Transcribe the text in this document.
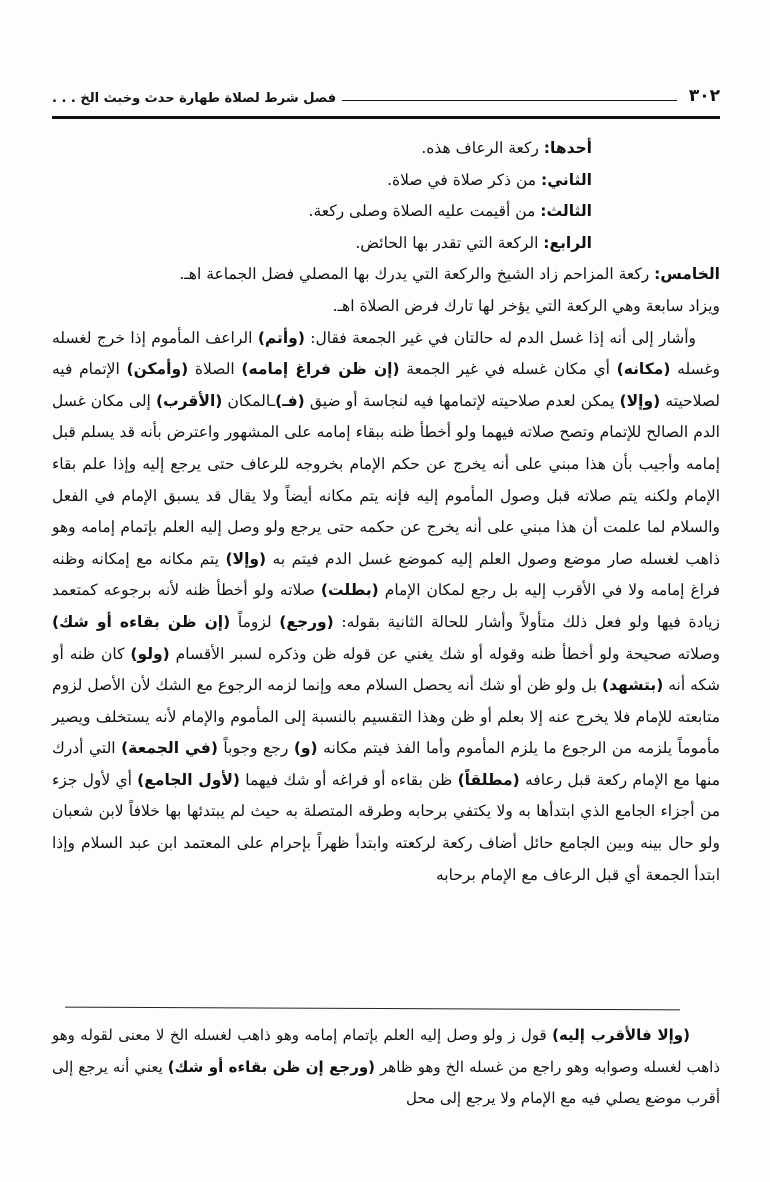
٣٠٢
فصل شرط لصلاة طهارة حدث وخبث الخ . . .

أحدها: ركعة الرعاف هذه.

الثاني: من ذكر صلاة في صلاة.

الثالث: من أقيمت عليه الصلاة وصلى ركعة.

الرابع: الركعة التي تقدر بها الحائض.

الخامس: ركعة المزاحم زاد الشيخ والركعة التي يدرك بها المصلي فضل الجماعة اهـ.

ويزاد سابعة وهي الركعة التي يؤخر لها تارك فرض الصلاة اهـ.

وأشار إلى أنه إذا غسل الدم له حالتان في غير الجمعة فقال: (وأتم) الراعف المأموم إذا خرج لغسله وغسله (مكانه) أي مكان غسله في غير الجمعة (إن ظن فراغ إمامه) الصلاة (وأمكن) الإتمام فيه لصلاحيته (وإلا) يمكن لعدم صلاحيته لإتمامها فيه لنجاسة أو ضيق (فـ)ـالمكان (الأقرب) إلى مكان غسل الدم الصالح للإتمام وتصح صلاته فيهما ولو أخطأ ظنه ببقاء إمامه على المشهور واعترض بأنه قد يسلم قبل إمامه وأجيب بأن هذا مبني على أنه يخرج عن حكم الإمام بخروجه للرعاف حتى يرجع إليه وإذا علم بقاء الإمام ولكنه يتم صلاته قبل وصول المأموم إليه فإنه يتم مكانه أيضاً ولا يقال قد يسبق الإمام في الفعل والسلام لما علمت أن هذا مبني على أنه يخرج عن حكمه حتى يرجع ولو وصل إليه العلم بإتمام إمامه وهو ذاهب لغسله صار موضع وصول العلم إليه كموضع غسل الدم فيتم به (وإلا) يتم مكانه مع إمكانه وظنه فراغ إمامه ولا في الأقرب إليه بل رجع لمكان الإمام (بطلت) صلاته ولو أخطأ ظنه لأنه برجوعه كمتعمد زيادة فيها ولو فعل ذلك متأولاً وأشار للحالة الثانية بقوله: (ورجع) لزوماً (إن ظن بقاءه أو شك) وصلاته صحيحة ولو أخطأ ظنه وقوله أو شك يغني عن قوله ظن وذكره لسبر الأقسام (ولو) كان ظنه أو شكه أنه (بتشهد) بل ولو ظن أو شك أنه يحصل السلام معه وإنما لزمه الرجوع مع الشك لأن الأصل لزوم متابعته للإمام فلا يخرج عنه إلا بعلم أو ظن وهذا التقسيم بالنسبة إلى المأموم والإمام لأنه يستخلف ويصير مأموماً يلزمه من الرجوع ما يلزم المأموم وأما الفذ فيتم مكانه (و) رجع وجوباً (في الجمعة) التي أدرك منها مع الإمام ركعة قبل رعافه (مطلقاً) ظن بقاءه أو فراغه أو شك فيهما (لأول الجامع) أي لأول جزء من أجزاء الجامع الذي ابتدأها به ولا يكتفي برحابه وطرقه المتصلة به حيث لم يبتدئها بها خلافاً لابن شعبان ولو حال بينه وبين الجامع حائل أضاف ركعة لركعته وابتدأ ظهراً بإحرام على المعتمد ابن عبد السلام وإذا ابتدأ الجمعة أي قبل الرعاف مع الإمام برحابه

(وإلا فالأقرب إليه) قول ز ولو وصل إليه العلم بإتمام إمامه وهو ذاهب لغسله الخ لا معنى لقوله وهو ذاهب لغسله وصوابه وهو راجع من غسله الخ وهو ظاهر (ورجع إن ظن بقاءه أو شك) يعني أنه يرجع إلى أقرب موضع يصلي فيه مع الإمام ولا يرجع إلى محل
